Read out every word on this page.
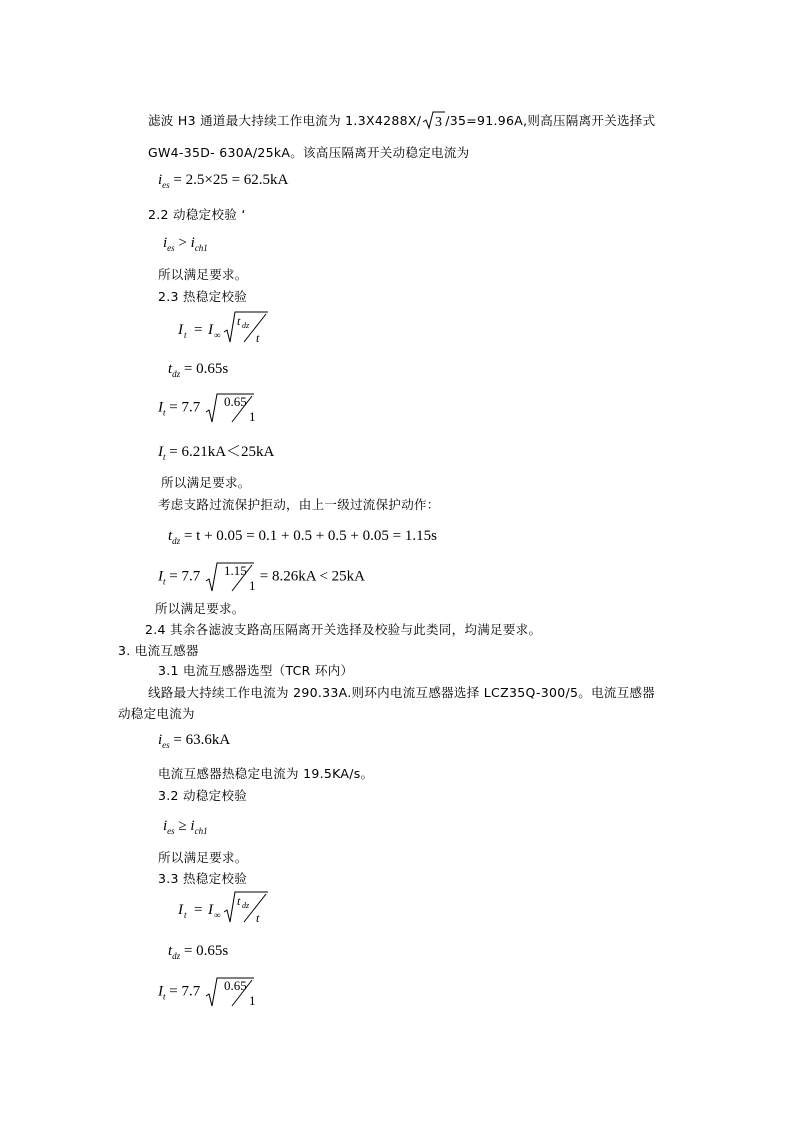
滤波 H3 通道最大持续工作电流为 1.3X4288X/ 3 /35=91.96A,则高压隔离开关选择式
GW4-35D- 630A/25kA。该高压隔离开关动稳定电流为
$i_{es} = 2.5\times 25 = 62.5kA$
2.2 动稳定校验 ‘
$i_{es} > i_{ch1}$
所以满足要求。
2.3 热稳定校验
I t = I ∞
t dz
t
$t_{dz} = 0.65s$
$I_t = 7.7$	0.65
1
$I_t = 6.21kA<25kA$
所以满足要求。
考虑支路过流保护拒动，由上一级过流保护动作：
$t_{dz} = t + 0.05 = 0.1 + 0.5 + 0.5 + 0.05 = 1.15s$
$I_t = 7.7$	= 8.26kA < 25kA
1.15
1
所以满足要求。
2.4 其余各滤波支路高压隔离开关选择及校验与此类同，均满足要求。
3. 电流互感器
3.1 电流互感器选型（TCR 环内）
线路最大持续工作电流为 290.33A.则环内电流互感器选择 LCZ35Q-300/5。电流互感器
动稳定电流为
$i_{es} = 63.6kA$
电流互感器热稳定电流为 19.5KA/s。
3.2 动稳定校验
$i_{es} \ge i_{ch1}$
所以满足要求。
3.3 热稳定校验
I t = I ∞
t dz
t
$t_{dz} = 0.65s$
$I_t = 7.7$	0.65
1
